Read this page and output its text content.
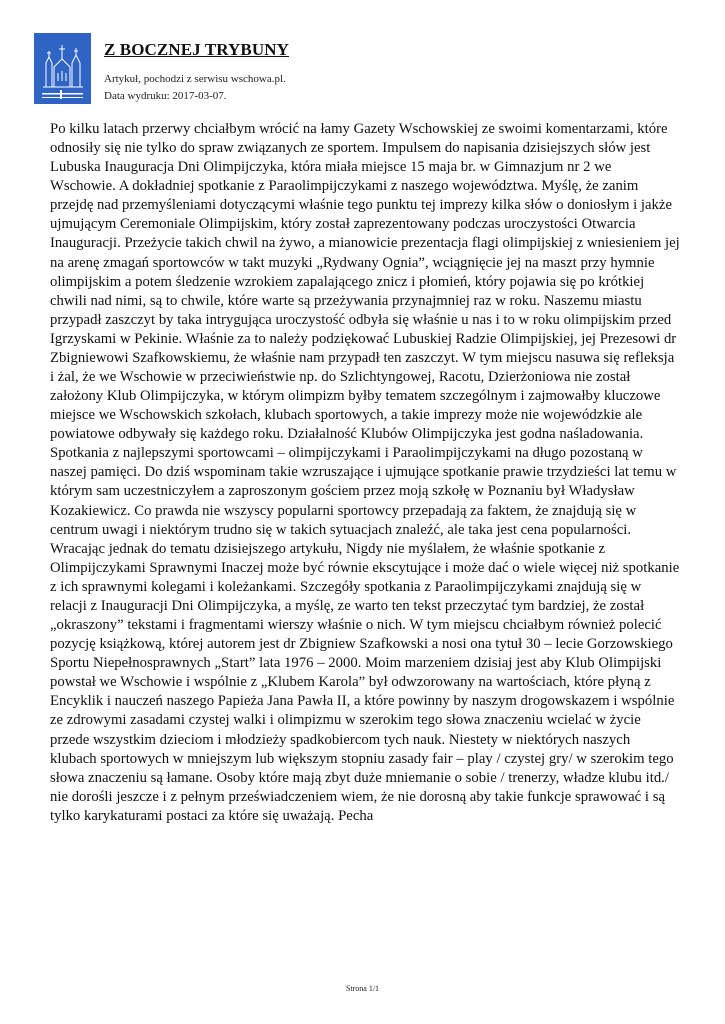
Z BOCZNEJ TRYBUNY
Artykuł, pochodzi z serwisu wschowa.pl.
Data wydruku: 2017-03-07.

Po kilku latach przerwy chciałbym wrócić na łamy Gazety Wschowskiej ze swoimi komentarzami, które odnosiły się nie tylko do spraw związanych ze sportem. Impulsem do napisania dzisiejszych słów jest Lubuska Inauguracja Dni Olimpijczyka, która miała miejsce 15 maja br. w Gimnazjum nr 2 we Wschowie. A dokładniej spotkanie z Paraolimpijczykami z naszego województwa. Myślę, że zanim przejdę nad przemyśleniami dotyczącymi właśnie tego punktu tej imprezy kilka słów o doniosłym i jakże ujmującym Ceremoniale Olimpijskim, który został zaprezentowany podczas uroczystości Otwarcia Inauguracji. Przeżycie takich chwil na żywo, a mianowicie prezentacja flagi olimpijskiej z wniesieniem jej na arenę zmagań sportowców w takt muzyki „Rydwany Ognia”, wciągnięcie jej na maszt przy hymnie olimpijskim a potem śledzenie wzrokiem zapalającego znicz i płomień, który pojawia się po krótkiej chwili nad nimi, są to chwile, które warte są przeżywania przynajmniej raz w roku. Naszemu miastu przypadł zaszczyt by taka intrygująca uroczystość odbyła się właśnie u nas i to w roku olimpijskim przed Igrzyskami w Pekinie. Właśnie za to należy podziękować Lubuskiej Radzie Olimpijskiej, jej Prezesowi dr Zbigniewowi Szafkowskiemu, że właśnie nam przypadł ten zaszczyt. W tym miejscu nasuwa się refleksja i żal, że we Wschowie w przeciwieństwie np. do Szlichtyngowej, Racotu, Dzierżoniowa nie został założony Klub Olimpijczyka, w którym olimpizm byłby tematem szczególnym i zajmowałby kluczowe miejsce we Wschowskich szkołach, klubach sportowych, a takie imprezy może nie wojewódzkie ale powiatowe odbywały się każdego roku. Działalność Klubów Olimpijczyka jest godna naśladowania. Spotkania z najlepszymi sportowcami – olimpijczykami i Paraolimpijczykami na długo pozostaną w naszej pamięci. Do dziś wspominam takie wzruszające i ujmujące spotkanie prawie trzydzieści lat temu w którym sam uczestniczyłem a zaproszonym gościem przez moją szkołę w Poznaniu był Władysław Kozakiewicz. Co prawda nie wszyscy popularni sportowcy przepadają za faktem, że znajdują się w centrum uwagi i niektórym trudno się w takich sytuacjach znaleźć, ale taka jest cena popularności. Wracając jednak do tematu dzisiejszego artykułu, Nigdy nie myślałem, że właśnie spotkanie z Olimpijczykami Sprawnymi Inaczej może być równie ekscytujące i może dać o wiele więcej niż spotkanie z ich sprawnymi kolegami i koleżankami. Szczegóły spotkania z Paraolimpijczykami znajdują się w relacji z Inauguracji Dni Olimpijczyka, a myślę, ze warto ten tekst przeczytać tym bardziej, że został „okraszony” tekstami i fragmentami wierszy właśnie o nich. W tym miejscu chciałbym również polecić pozycję książkową, której autorem jest dr Zbigniew Szafkowski a nosi ona tytuł 30 – lecie Gorzowskiego Sportu Niepełnosprawnych „Start” lata 1976 – 2000. Moim marzeniem dzisiaj jest aby Klub Olimpijski powstał we Wschowie i wspólnie z „Klubem Karola” był odwzorowany na wartościach, które płyną z Encyklik i nauczeń naszego Papieża Jana Pawła II, a które powinny by naszym drogowskazem i wspólnie ze zdrowymi zasadami czystej walki i olimpizmu w szerokim tego słowa znaczeniu wcielać w życie przede wszystkim dzieciom i młodzieży spadkobiercom tych nauk. Niestety w niektórych naszych klubach sportowych w mniejszym lub większym stopniu zasady fair – play / czystej gry/ w szerokim tego słowa znaczeniu są łamane. Osoby które mają zbyt duże mniemanie o sobie / trenerzy, władze klubu itd./ nie dorośli jeszcze i z pełnym przeświadczeniem wiem, że nie dorosną aby takie funkcje sprawować i są tylko karykaturami postaci za które się uważają. Pecha

Strona 1/1
